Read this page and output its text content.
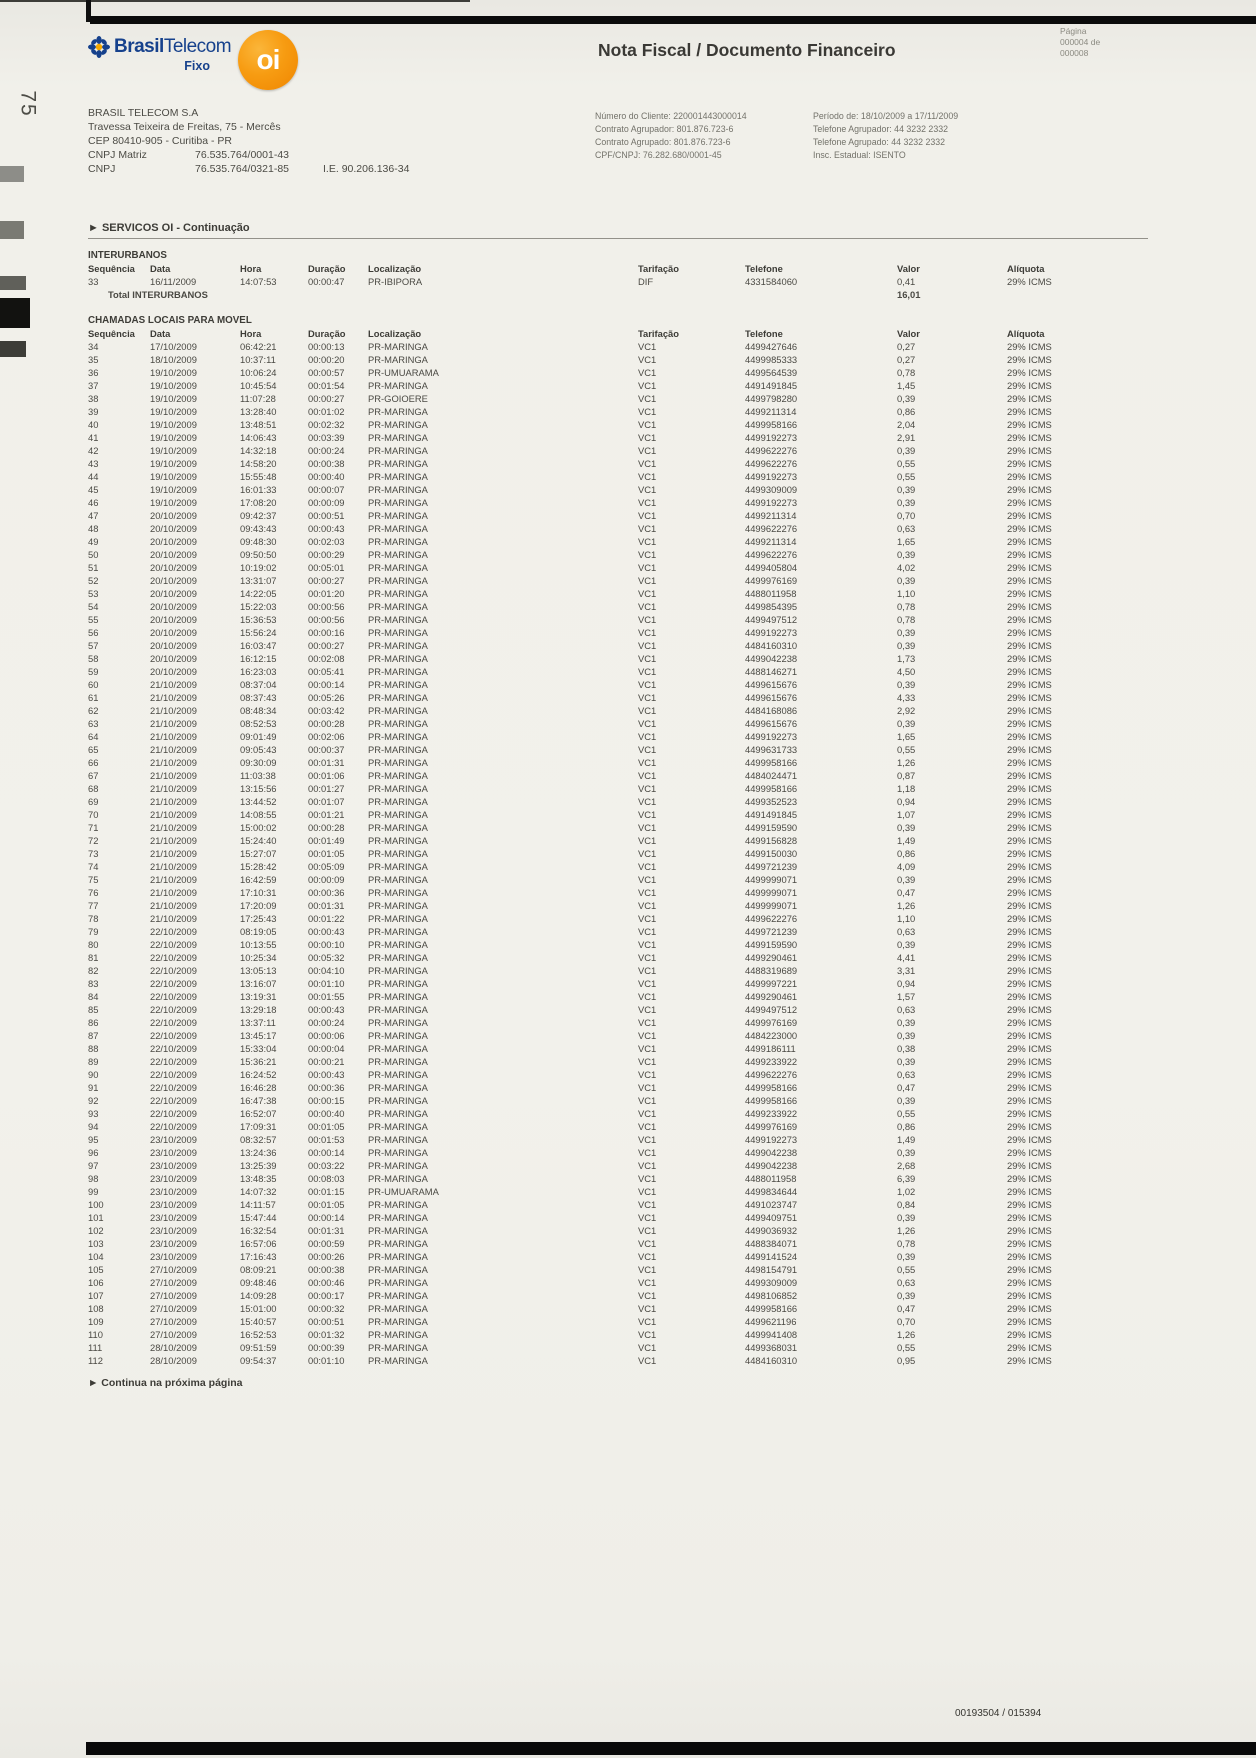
75
BrasilTelecom
Fixo	oi	Nota Fiscal / Documento Financeiro
Página
000004 de
000008
BRASIL TELECOM S.A
Travessa Teixeira de Freitas, 75 - Mercês
CEP 80410-905 - Curitiba - PR
CNPJ Matriz	76.535.764/0001-43
CNPJ	76.535.764/0321-85	I.E. 90.206.136-34
Número do Cliente: 220001443000014
Contrato Agrupador: 801.876.723-6
Contrato Agrupado: 801.876.723-6
CPF/CNPJ: 76.282.680/0001-45
Período de: 18/10/2009 a 17/11/2009
Telefone Agrupador: 44 3232 2332
Telefone Agrupado: 44 3232 2332
Insc. Estadual: ISENTO
► SERVICOS OI - Continuação
INTERURBANOS
Sequência	Data	Hora	Duração	Localização	Tarifação	Telefone	Valor	Alíquota
33	16/11/2009	14:07:53	00:00:47	PR-IBIPORA	DIF	4331584060	0,41	29% ICMS
Total INTERURBANOS							16,01	
CHAMADAS LOCAIS PARA MOVEL
Sequência	Data	Hora	Duração	Localização	Tarifação	Telefone	Valor	Alíquota
34	17/10/2009	06:42:21	00:00:13	PR-MARINGA	VC1	4499427646	0,27	29% ICMS
35	18/10/2009	10:37:11	00:00:20	PR-MARINGA	VC1	4499985333	0,27	29% ICMS
36	19/10/2009	10:06:24	00:00:57	PR-UMUARAMA	VC1	4499564539	0,78	29% ICMS
37	19/10/2009	10:45:54	00:01:54	PR-MARINGA	VC1	4491491845	1,45	29% ICMS
38	19/10/2009	11:07:28	00:00:27	PR-GOIOERE	VC1	4499798280	0,39	29% ICMS
39	19/10/2009	13:28:40	00:01:02	PR-MARINGA	VC1	4499211314	0,86	29% ICMS
40	19/10/2009	13:48:51	00:02:32	PR-MARINGA	VC1	4499958166	2,04	29% ICMS
41	19/10/2009	14:06:43	00:03:39	PR-MARINGA	VC1	4499192273	2,91	29% ICMS
42	19/10/2009	14:32:18	00:00:24	PR-MARINGA	VC1	4499622276	0,39	29% ICMS
43	19/10/2009	14:58:20	00:00:38	PR-MARINGA	VC1	4499622276	0,55	29% ICMS
44	19/10/2009	15:55:48	00:00:40	PR-MARINGA	VC1	4499192273	0,55	29% ICMS
45	19/10/2009	16:01:33	00:00:07	PR-MARINGA	VC1	4499309009	0,39	29% ICMS
46	19/10/2009	17:08:20	00:00:09	PR-MARINGA	VC1	4499192273	0,39	29% ICMS
47	20/10/2009	09:42:37	00:00:51	PR-MARINGA	VC1	4499211314	0,70	29% ICMS
48	20/10/2009	09:43:43	00:00:43	PR-MARINGA	VC1	4499622276	0,63	29% ICMS
49	20/10/2009	09:48:30	00:02:03	PR-MARINGA	VC1	4499211314	1,65	29% ICMS
50	20/10/2009	09:50:50	00:00:29	PR-MARINGA	VC1	4499622276	0,39	29% ICMS
51	20/10/2009	10:19:02	00:05:01	PR-MARINGA	VC1	4499405804	4,02	29% ICMS
52	20/10/2009	13:31:07	00:00:27	PR-MARINGA	VC1	4499976169	0,39	29% ICMS
53	20/10/2009	14:22:05	00:01:20	PR-MARINGA	VC1	4488011958	1,10	29% ICMS
54	20/10/2009	15:22:03	00:00:56	PR-MARINGA	VC1	4499854395	0,78	29% ICMS
55	20/10/2009	15:36:53	00:00:56	PR-MARINGA	VC1	4499497512	0,78	29% ICMS
56	20/10/2009	15:56:24	00:00:16	PR-MARINGA	VC1	4499192273	0,39	29% ICMS
57	20/10/2009	16:03:47	00:00:27	PR-MARINGA	VC1	4484160310	0,39	29% ICMS
58	20/10/2009	16:12:15	00:02:08	PR-MARINGA	VC1	4499042238	1,73	29% ICMS
59	20/10/2009	16:23:03	00:05:41	PR-MARINGA	VC1	4488146271	4,50	29% ICMS
60	21/10/2009	08:37:04	00:00:14	PR-MARINGA	VC1	4499615676	0,39	29% ICMS
61	21/10/2009	08:37:43	00:05:26	PR-MARINGA	VC1	4499615676	4,33	29% ICMS
62	21/10/2009	08:48:34	00:03:42	PR-MARINGA	VC1	4484168086	2,92	29% ICMS
63	21/10/2009	08:52:53	00:00:28	PR-MARINGA	VC1	4499615676	0,39	29% ICMS
64	21/10/2009	09:01:49	00:02:06	PR-MARINGA	VC1	4499192273	1,65	29% ICMS
65	21/10/2009	09:05:43	00:00:37	PR-MARINGA	VC1	4499631733	0,55	29% ICMS
66	21/10/2009	09:30:09	00:01:31	PR-MARINGA	VC1	4499958166	1,26	29% ICMS
67	21/10/2009	11:03:38	00:01:06	PR-MARINGA	VC1	4484024471	0,87	29% ICMS
68	21/10/2009	13:15:56	00:01:27	PR-MARINGA	VC1	4499958166	1,18	29% ICMS
69	21/10/2009	13:44:52	00:01:07	PR-MARINGA	VC1	4499352523	0,94	29% ICMS
70	21/10/2009	14:08:55	00:01:21	PR-MARINGA	VC1	4491491845	1,07	29% ICMS
71	21/10/2009	15:00:02	00:00:28	PR-MARINGA	VC1	4499159590	0,39	29% ICMS
72	21/10/2009	15:24:40	00:01:49	PR-MARINGA	VC1	4499156828	1,49	29% ICMS
73	21/10/2009	15:27:07	00:01:05	PR-MARINGA	VC1	4499150030	0,86	29% ICMS
74	21/10/2009	15:28:42	00:05:09	PR-MARINGA	VC1	4499721239	4,09	29% ICMS
75	21/10/2009	16:42:59	00:00:09	PR-MARINGA	VC1	4499999071	0,39	29% ICMS
76	21/10/2009	17:10:31	00:00:36	PR-MARINGA	VC1	4499999071	0,47	29% ICMS
77	21/10/2009	17:20:09	00:01:31	PR-MARINGA	VC1	4499999071	1,26	29% ICMS
78	21/10/2009	17:25:43	00:01:22	PR-MARINGA	VC1	4499622276	1,10	29% ICMS
79	22/10/2009	08:19:05	00:00:43	PR-MARINGA	VC1	4499721239	0,63	29% ICMS
80	22/10/2009	10:13:55	00:00:10	PR-MARINGA	VC1	4499159590	0,39	29% ICMS
81	22/10/2009	10:25:34	00:05:32	PR-MARINGA	VC1	4499290461	4,41	29% ICMS
82	22/10/2009	13:05:13	00:04:10	PR-MARINGA	VC1	4488319689	3,31	29% ICMS
83	22/10/2009	13:16:07	00:01:10	PR-MARINGA	VC1	4499997221	0,94	29% ICMS
84	22/10/2009	13:19:31	00:01:55	PR-MARINGA	VC1	4499290461	1,57	29% ICMS
85	22/10/2009	13:29:18	00:00:43	PR-MARINGA	VC1	4499497512	0,63	29% ICMS
86	22/10/2009	13:37:11	00:00:24	PR-MARINGA	VC1	4499976169	0,39	29% ICMS
87	22/10/2009	13:45:17	00:00:06	PR-MARINGA	VC1	4484223000	0,39	29% ICMS
88	22/10/2009	15:33:04	00:00:04	PR-MARINGA	VC1	4499186111	0,38	29% ICMS
89	22/10/2009	15:36:21	00:00:21	PR-MARINGA	VC1	4499233922	0,39	29% ICMS
90	22/10/2009	16:24:52	00:00:43	PR-MARINGA	VC1	4499622276	0,63	29% ICMS
91	22/10/2009	16:46:28	00:00:36	PR-MARINGA	VC1	4499958166	0,47	29% ICMS
92	22/10/2009	16:47:38	00:00:15	PR-MARINGA	VC1	4499958166	0,39	29% ICMS
93	22/10/2009	16:52:07	00:00:40	PR-MARINGA	VC1	4499233922	0,55	29% ICMS
94	22/10/2009	17:09:31	00:01:05	PR-MARINGA	VC1	4499976169	0,86	29% ICMS
95	23/10/2009	08:32:57	00:01:53	PR-MARINGA	VC1	4499192273	1,49	29% ICMS
96	23/10/2009	13:24:36	00:00:14	PR-MARINGA	VC1	4499042238	0,39	29% ICMS
97	23/10/2009	13:25:39	00:03:22	PR-MARINGA	VC1	4499042238	2,68	29% ICMS
98	23/10/2009	13:48:35	00:08:03	PR-MARINGA	VC1	4488011958	6,39	29% ICMS
99	23/10/2009	14:07:32	00:01:15	PR-UMUARAMA	VC1	4499834644	1,02	29% ICMS
100	23/10/2009	14:11:57	00:01:05	PR-MARINGA	VC1	4491023747	0,84	29% ICMS
101	23/10/2009	15:47:44	00:00:14	PR-MARINGA	VC1	4499409751	0,39	29% ICMS
102	23/10/2009	16:32:54	00:01:31	PR-MARINGA	VC1	4499036932	1,26	29% ICMS
103	23/10/2009	16:57:06	00:00:59	PR-MARINGA	VC1	4488384071	0,78	29% ICMS
104	23/10/2009	17:16:43	00:00:26	PR-MARINGA	VC1	4499141524	0,39	29% ICMS
105	27/10/2009	08:09:21	00:00:38	PR-MARINGA	VC1	4498154791	0,55	29% ICMS
106	27/10/2009	09:48:46	00:00:46	PR-MARINGA	VC1	4499309009	0,63	29% ICMS
107	27/10/2009	14:09:28	00:00:17	PR-MARINGA	VC1	4498106852	0,39	29% ICMS
108	27/10/2009	15:01:00	00:00:32	PR-MARINGA	VC1	4499958166	0,47	29% ICMS
109	27/10/2009	15:40:57	00:00:51	PR-MARINGA	VC1	4499621196	0,70	29% ICMS
110	27/10/2009	16:52:53	00:01:32	PR-MARINGA	VC1	4499941408	1,26	29% ICMS
111	28/10/2009	09:51:59	00:00:39	PR-MARINGA	VC1	4499368031	0,55	29% ICMS
112	28/10/2009	09:54:37	00:01:10	PR-MARINGA	VC1	4484160310	0,95	29% ICMS
► Continua na próxima página
00193504 / 015394
